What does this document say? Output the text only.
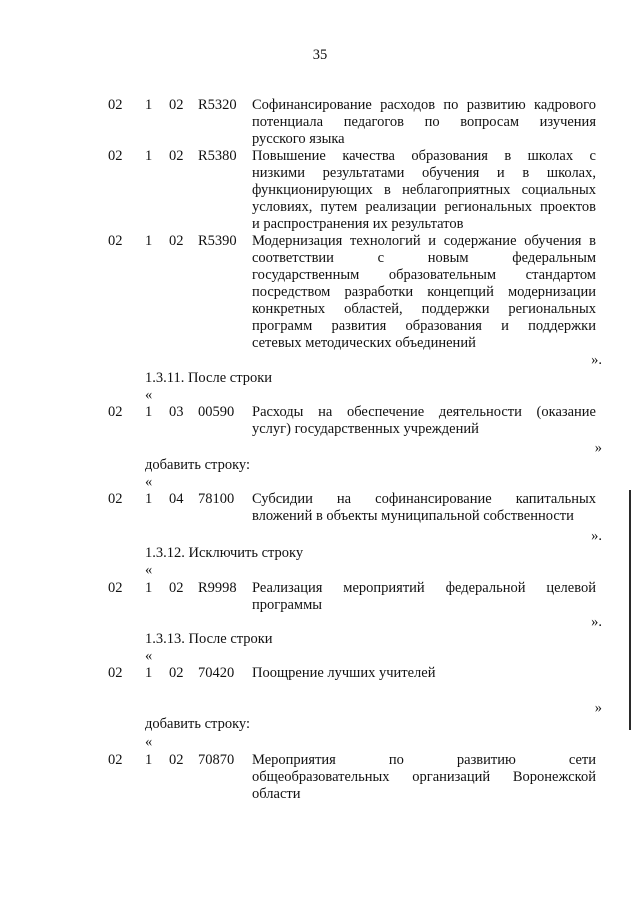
35
02 1 02 R5320 Софинансирование расходов по развитию кадрового
потенциала педагогов по вопросам изучения
русского языка
02 1 02 R5380 Повышение качества образования в школах с
низкими результатами обучения и в школах,
функционирующих в неблагоприятных социальных
условиях, путем реализации региональных проектов
и распространения их результатов
02 1 02 R5390 Модернизация технологий и содержание обучения в
соответствии с новым федеральным
государственным образовательным стандартом
посредством разработки концепций модернизации
конкретных областей, поддержки региональных
программ развития образования и поддержки
сетевых методических объединений
».
1.3.11. После строки
«
02 1 03 00590 Расходы на обеспечение деятельности (оказание
услуг) государственных учреждений
»
добавить строку:
«
02 1 04 78100 Субсидии на софинансирование капитальных
вложений в объекты муниципальной собственности
».
1.3.12. Исключить строку
«
02 1 02 R9998 Реализация мероприятий федеральной целевой
программы
».
1.3.13. После строки
«
02 1 02 70420 Поощрение лучших учителей
»
добавить строку:
«
02 1 02 70870 Мероприятия по развитию сети
общеобразовательных организаций Воронежской
области
